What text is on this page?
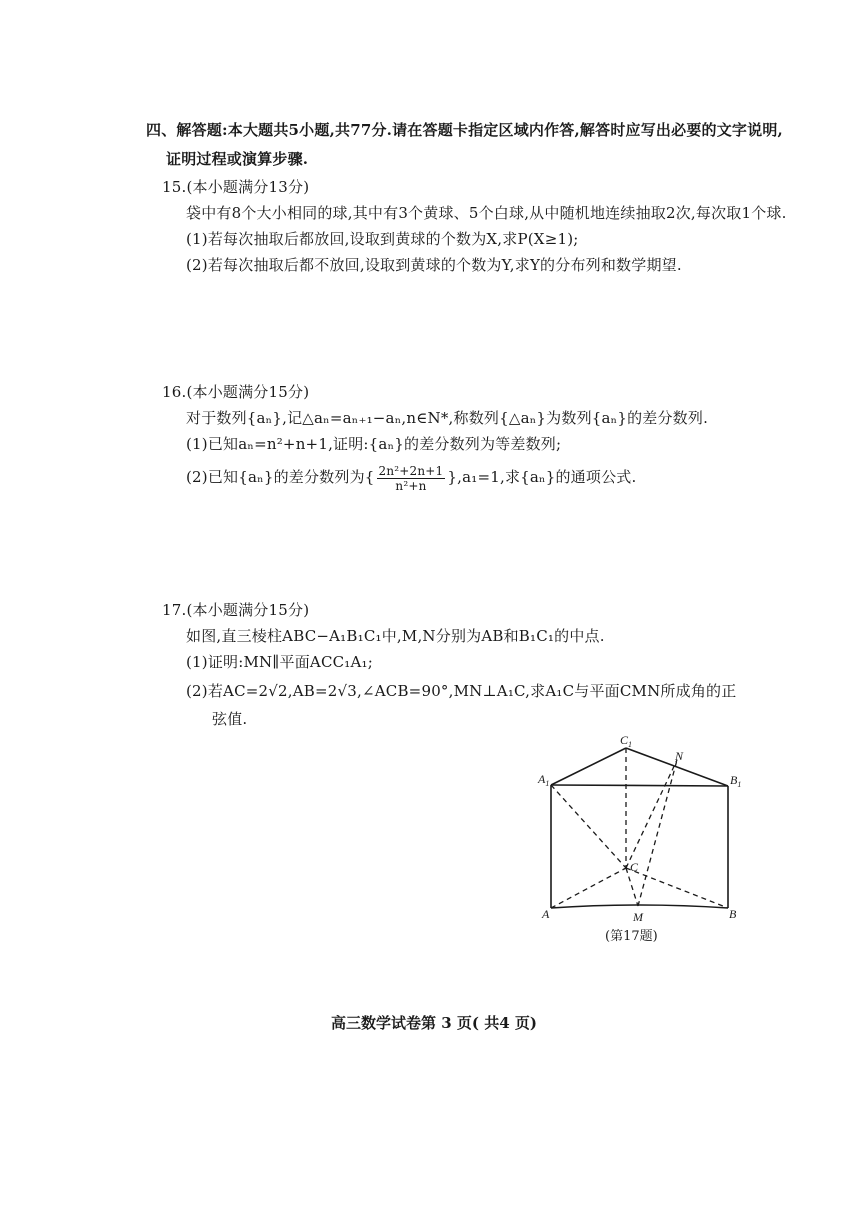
四、解答题:本大题共5小题,共77分.请在答题卡指定区域内作答,解答时应写出必要的文字说明,
证明过程或演算步骤.
15.(本小题满分13分)
袋中有8个大小相同的球,其中有3个黄球、5个白球,从中随机地连续抽取2次,每次取1个球.
(1)若每次抽取后都放回,设取到黄球的个数为X,求P(X≥1);
(2)若每次抽取后都不放回,设取到黄球的个数为Y,求Y的分布列和数学期望.
16.(本小题满分15分)
对于数列{aₙ},记△aₙ=aₙ₊₁−aₙ,n∈N*,称数列{△aₙ}为数列{aₙ}的差分数列.
(1)已知aₙ=n²+n+1,证明:{aₙ}的差分数列为等差数列;
(2)已知{aₙ}的差分数列为{ $\frac{\text{2n²+2n+1}}{\text{n²+n}} \},a_1=1$,求{aₙ}的通项公式.
17.(本小题满分15分)
如图,直三棱柱ABC−A₁B₁C₁中,M,N分别为AB和B₁C₁的中点.
(1)证明:MN∥平面ACC₁A₁;
(2)若AC=2√2,AB=2√3,∠ACB=90°,MN⊥A₁C,求A₁C与平面CMN所成角的正
弦值.
$C_1$
N
$A_1$	$B_1$
C
A	M	B
(第17题)
高三数学试卷第 3 页( 共4 页)
